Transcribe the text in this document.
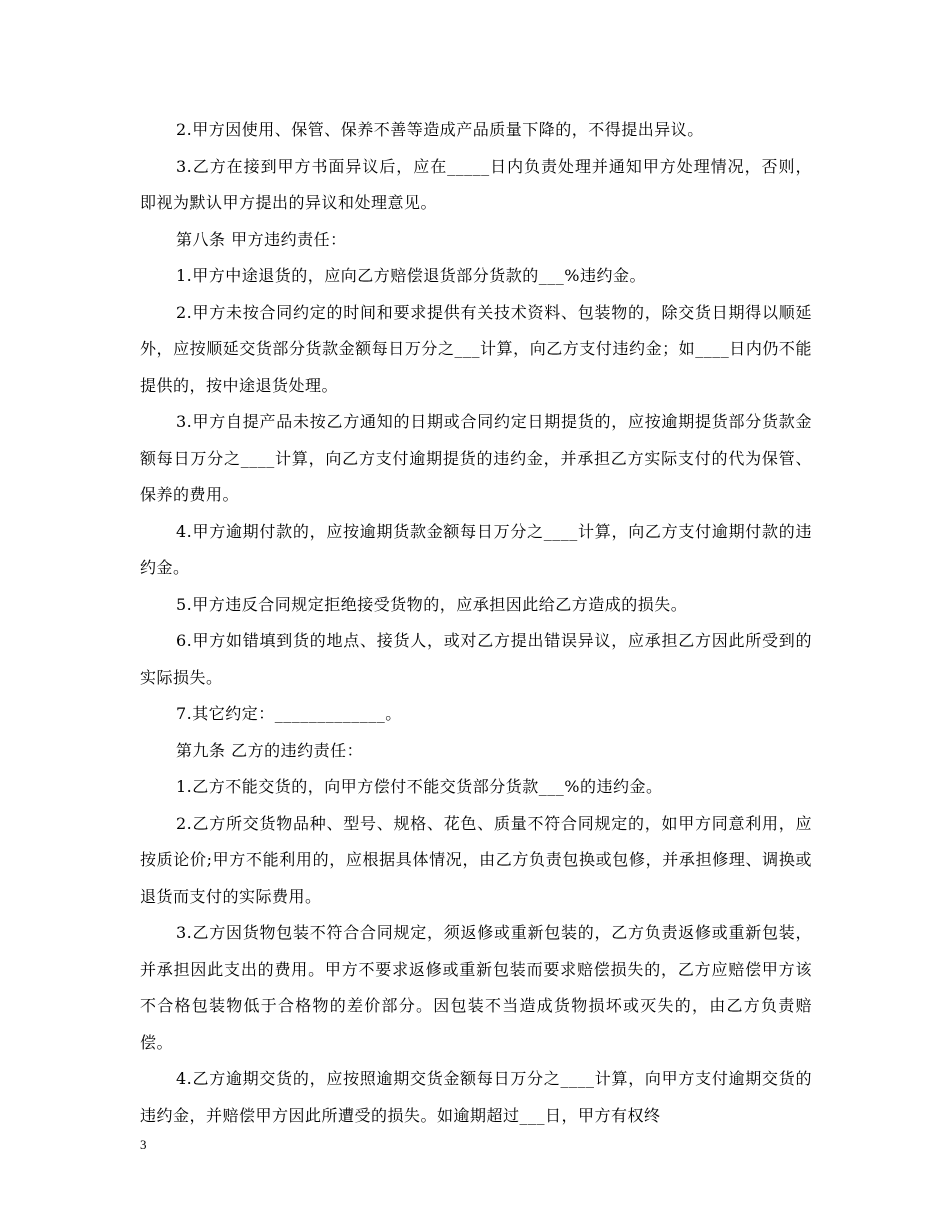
2.甲方因使用、保管、保养不善等造成产品质量下降的，不得提出异议。

3.乙方在接到甲方书面异议后，应在_____日内负责处理并通知甲方处理情况，否则，即视为默认甲方提出的异议和处理意见。

第八条 甲方违约责任：

1.甲方中途退货的，应向乙方赔偿退货部分货款的___%违约金。

2.甲方未按合同约定的时间和要求提供有关技术资料、包装物的，除交货日期得以顺延外，应按顺延交货部分货款金额每日万分之___计算，向乙方支付违约金；如____日内仍不能提供的，按中途退货处理。

3.甲方自提产品未按乙方通知的日期或合同约定日期提货的，应按逾期提货部分货款金额每日万分之____计算，向乙方支付逾期提货的违约金，并承担乙方实际支付的代为保管、保养的费用。

4.甲方逾期付款的，应按逾期货款金额每日万分之____计算，向乙方支付逾期付款的违约金。

5.甲方违反合同规定拒绝接受货物的，应承担因此给乙方造成的损失。

6.甲方如错填到货的地点、接货人，或对乙方提出错误异议，应承担乙方因此所受到的实际损失。

7.其它约定：_____________。

第九条 乙方的违约责任：

1.乙方不能交货的，向甲方偿付不能交货部分货款___%的违约金。

2.乙方所交货物品种、型号、规格、花色、质量不符合同规定的，如甲方同意利用，应按质论价;甲方不能利用的，应根据具体情况，由乙方负责包换或包修，并承担修理、调换或退货而支付的实际费用。

3.乙方因货物包装不符合合同规定，须返修或重新包装的，乙方负责返修或重新包装，并承担因此支出的费用。甲方不要求返修或重新包装而要求赔偿损失的，乙方应赔偿甲方该不合格包装物低于合格物的差价部分。因包装不当造成货物损坏或灭失的，由乙方负责赔偿。

4.乙方逾期交货的，应按照逾期交货金额每日万分之____计算，向甲方支付逾期交货的违约金，并赔偿甲方因此所遭受的损失。如逾期超过___日，甲方有权终

3
